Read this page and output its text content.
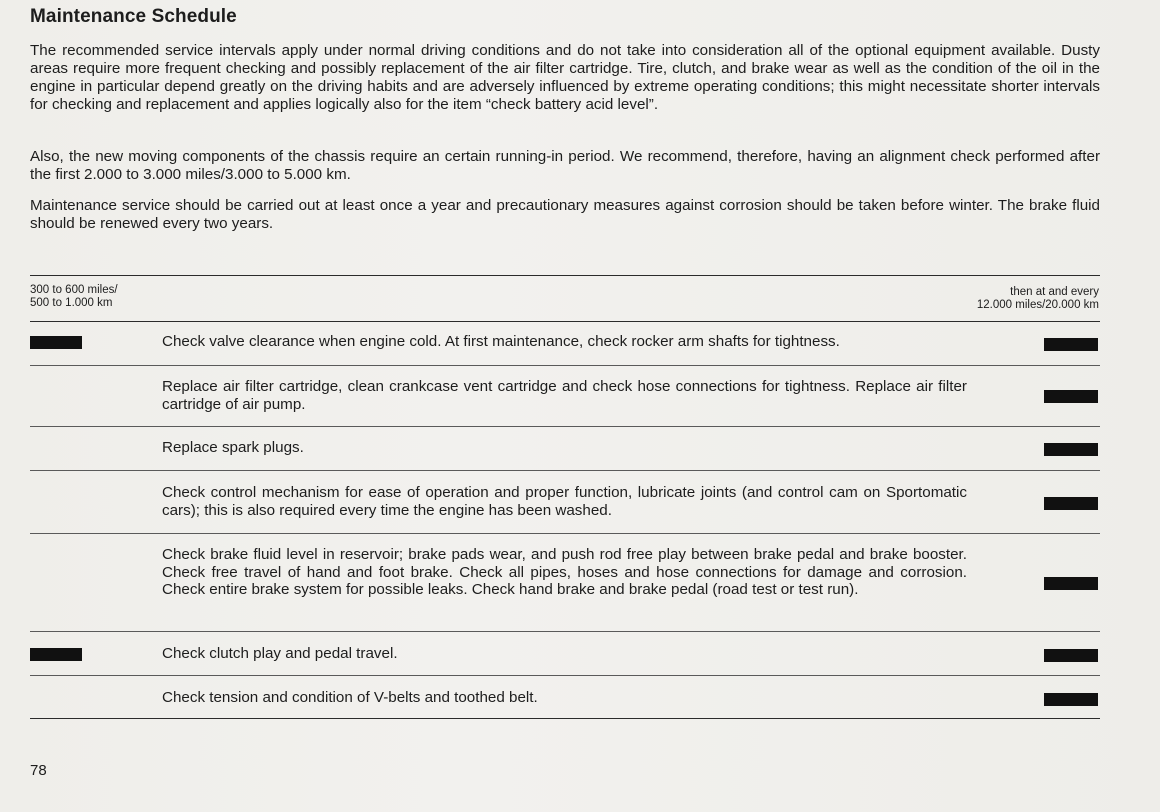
Maintenance Schedule
The recommended service intervals apply under normal driving conditions and do not take into consideration all of the optional equipment available. Dusty areas require more frequent checking and possibly replacement of the air filter cartridge. Tire, clutch, and brake wear as well as the condition of the oil in the engine in particular depend greatly on the driving habits and are adversely influenced by extreme operating conditions; this might necessitate shorter intervals for checking and replacement and applies logically also for the item “check battery acid level”.
Also, the new moving components of the chassis require an certain running-in period. We recommend, therefore, having an alignment check performed after the first 2.000 to 3.000 miles/3.000 to 5.000 km.
Maintenance service should be carried out at least once a year and precautionary measures against corrosion should be taken before winter. The brake fluid should be renewed every two years.
300 to 600 miles/
500 to 1.000 km
then at and every
12.000 miles/20.000 km
Check valve clearance when engine cold. At first maintenance, check rocker arm shafts for tightness.
Replace air filter cartridge, clean crankcase vent cartridge and check hose connections for tightness. Replace air filter cartridge of air pump.
Replace spark plugs.
Check control mechanism for ease of operation and proper function, lubricate joints (and control cam on Sportomatic cars); this is also required every time the engine has been washed.
Check brake fluid level in reservoir; brake pads wear, and push rod free play between brake pedal and brake booster. Check free travel of hand and foot brake. Check all pipes, hoses and hose connections for damage and corrosion. Check entire brake system for possible leaks. Check hand brake and brake pedal (road test or test run).
Check clutch play and pedal travel.
Check tension and condition of V-belts and toothed belt.
78
